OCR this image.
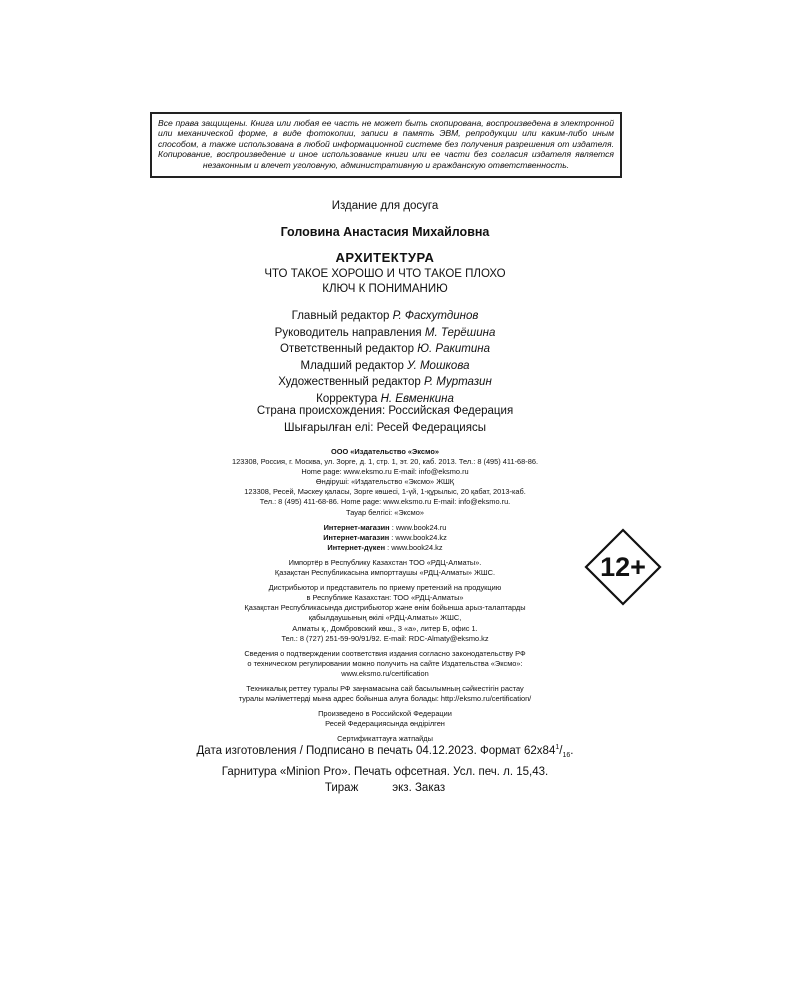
Все права защищены. Книга или любая ее часть не может быть скопирована, воспроизведена в электронной или механической форме, в виде фотокопии, записи в память ЭВМ, репродукции или каким-либо иным способом, а также использована в любой информационной системе без получения разрешения от издателя. Копирование, воспроизведение и иное использование книги или ее части без согласия издателя является незаконным и влечет уголовную, административную и гражданскую ответственность.
Издание для досуга
Головина Анастасия Михайловна
АРХИТЕКТУРА
ЧТО ТАКОЕ ХОРОШО И ЧТО ТАКОЕ ПЛОХО
КЛЮЧ К ПОНИМАНИЮ
Главный редактор Р. Фасхутдинов
Руководитель направления М. Терёшина
Ответственный редактор Ю. Ракитина
Младший редактор У. Мошкова
Художественный редактор Р. Муртазин
Корректура Н. Евменкина
Страна происхождения: Российская Федерация
Шығарылған елі: Ресей Федерациясы
ООО «Издательство «Эксмо»
123308, Россия, г. Москва, ул. Зорге, д. 1, стр. 1, эт. 20, каб. 2013. Тел.: 8 (495) 411-68-86.
Home page: www.eksmo.ru E-mail: info@eksmo.ru
Өндіруші: «Издательство «Эксмо» ЖШҚ
123308, Ресей, Мәскеу қаласы, Зорге көшесі, 1-үй, 1-құрылыс, 20 қабат, 2013-каб.
Тел.: 8 (495) 411-68-86. Home page: www.eksmo.ru E-mail: info@eksmo.ru.
Тауар белгісі: «Эксмо»
Интернет-магазин : www.book24.ru
Интернет-магазин : www.book24.kz
Интернет-дүкен : www.book24.kz
Импортёр в Республику Казахстан ТОО «РДЦ-Алматы».
Қазақстан Республикасына импорттаушы «РДЦ-Алматы» ЖШС.
Дистрибьютор и представитель по приему претензий на продукцию
в Республике Казахстан: ТОО «РДЦ-Алматы»
Қазақстан Республикасында дистрибьютор және өнім бойынша арыз-талаптарды
қабылдаушының өкілі «РДЦ-Алматы» ЖШС,
Алматы қ., Домбровский көш., 3 «а», литер Б, офис 1.
Тел.: 8 (727) 251-59-90/91/92. E-mail: RDC-Almaty@eksmo.kz
Сведения о подтверждении соответствия издания согласно законодательству РФ
о техническом регулировании можно получить на сайте Издательства «Эксмо»:
www.eksmo.ru/certification
Техникалық реттеу туралы РФ заңнамасына сай басылымның сәйкестігін растау
туралы мәліметтерді мына адрес бойынша алуға болады: http://eksmo.ru/certification/
Произведено в Российской Федерации
Ресей Федерациясында өндірілген
Сертификаттауға жатпайды
12+
Дата изготовления / Подписано в печать 04.12.2023. Формат $62x84^1/_{16}$.
Гарнитура «Minion Pro». Печать офсетная. Усл. печ. л. 15,43.
Тираж	экз. Заказ
